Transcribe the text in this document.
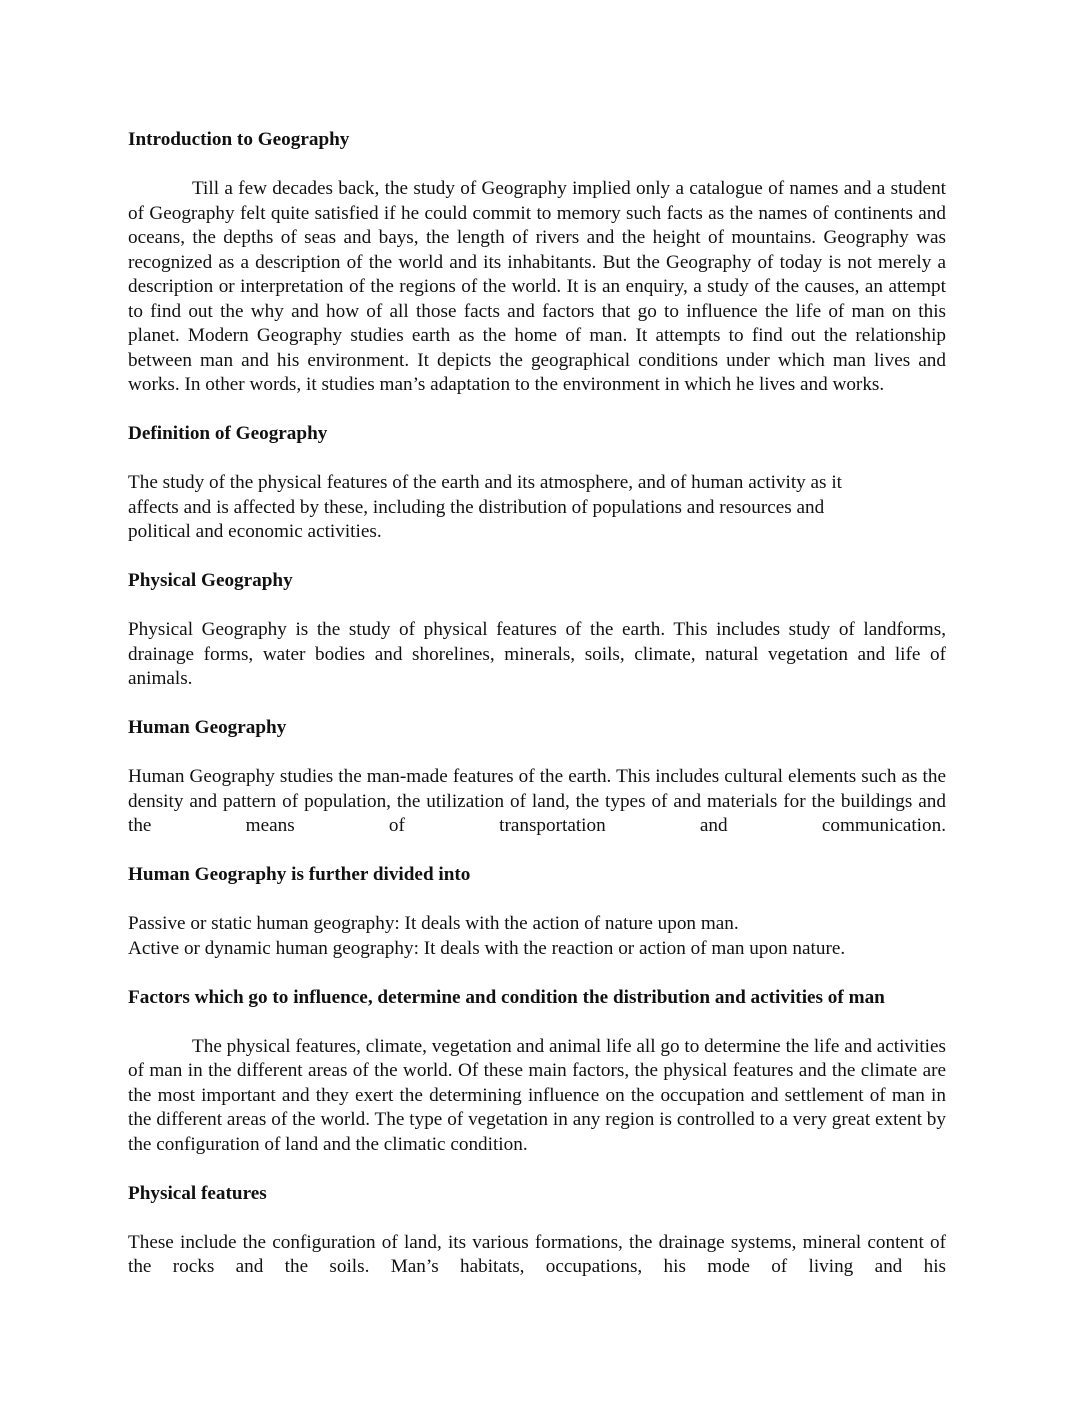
Introduction to Geography

Till a few decades back, the study of Geography implied only a catalogue of names and a student of Geography felt quite satisfied if he could commit to memory such facts as the names of continents and oceans, the depths of seas and bays, the length of rivers and the height of mountains. Geography was recognized as a description of the world and its inhabitants. But the Geography of today is not merely a description or interpretation of the regions of the world. It is an enquiry, a study of the causes, an attempt to find out the why and how of all those facts and factors that go to influence the life of man on this planet. Modern Geography studies earth as the home of man. It attempts to find out the relationship between man and his environment. It depicts the geographical conditions under which man lives and works. In other words, it studies man’s adaptation to the environment in which he lives and works.

Definition of Geography

The study of the physical features of the earth and its atmosphere, and of human activity as it
affects and is affected by these, including the distribution of populations and resources and
political and economic activities.

Physical Geography

Physical Geography is the study of physical features of the earth. This includes study of landforms, drainage forms, water bodies and shorelines, minerals, soils, climate, natural vegetation and life of animals.

Human Geography

Human Geography studies the man-made features of the earth. This includes cultural elements such as the density and pattern of population, the utilization of land, the types of and materials for the buildings and the means of transportation and communication.

Human Geography is further divided into

Passive or static human geography: It deals with the action of nature upon man.
Active or dynamic human geography: It deals with the reaction or action of man upon nature.

Factors which go to influence, determine and condition the distribution and activities of man

The physical features, climate, vegetation and animal life all go to determine the life and activities of man in the different areas of the world. Of these main factors, the physical features and the climate are the most important and they exert the determining influence on the occupation and settlement of man in the different areas of the world. The type of vegetation in any region is controlled to a very great extent by the configuration of land and the climatic condition.

Physical features

These include the configuration of land, its various formations, the drainage systems, mineral content of the rocks and the soils. Man’s habitats, occupations, his mode of living and his
